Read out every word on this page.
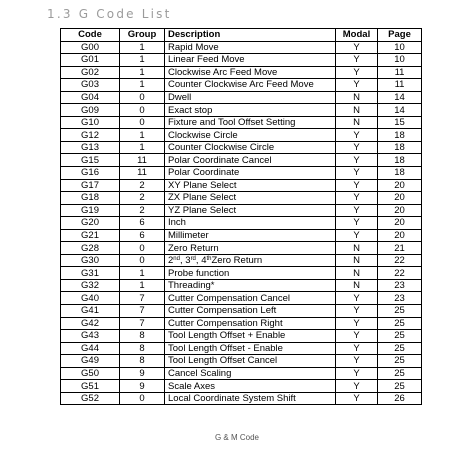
1.3 G Code List
Code	Group	Description	Modal	Page
G00	1	Rapid Move	Y	10
G01	1	Linear Feed Move	Y	10
G02	1	Clockwise Arc Feed Move	Y	11
G03	1	Counter Clockwise Arc Feed Move	Y	11
G04	0	Dwell	N	14
G09	0	Exact stop	N	14
G10	0	Fixture and Tool Offset Setting	N	15
G12	1	Clockwise Circle	Y	18
G13	1	Counter Clockwise Circle	Y	18
G15	11	Polar Coordinate Cancel	Y	18
G16	11	Polar Coordinate	Y	18
G17	2	XY Plane Select	Y	20
G18	2	ZX Plane Select	Y	20
G19	2	YZ Plane Select	Y	20
G20	6	Inch	Y	20
G21	6	Millimeter	Y	20
G28	0	Zero Return	N	21
G30	0	2nd, 3rd, 4thZero Return	N	22
G31	1	Probe function	N	22
G32	1	Threading*	N	23
G40	7	Cutter Compensation Cancel	Y	23
G41	7	Cutter Compensation Left	Y	25
G42	7	Cutter Compensation Right	Y	25
G43	8	Tool Length Offset + Enable	Y	25
G44	8	Tool Length Offset - Enable	Y	25
G49	8	Tool Length Offset Cancel	Y	25
G50	9	Cancel Scaling	Y	25
G51	9	Scale Axes	Y	25
G52	0	Local Coordinate System Shift	Y	26
G & M Code
